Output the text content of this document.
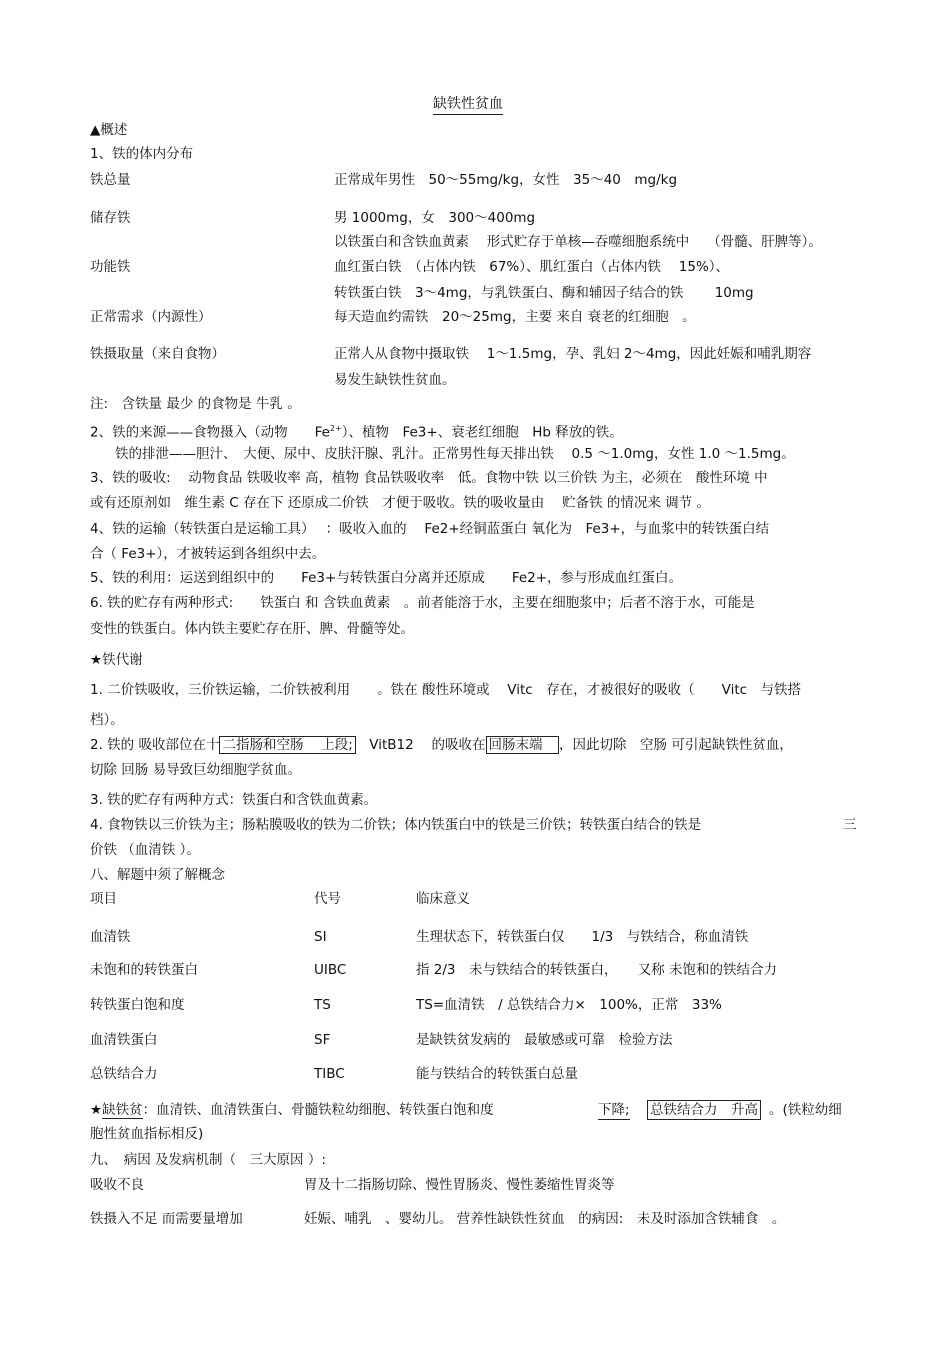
缺铁性贫血
▲概述
1、铁的体内分布
铁总量	正常成年男性　50～55mg/kg，女性　35～40　mg/kg
储存铁	男 1000mg，女　300～400mg
以铁蛋白和含铁血黄素　 形式贮存于单核—吞噬细胞系统中　 （骨髓、肝脾等）。
功能铁	血红蛋白铁　（占体内铁　67%）、肌红蛋白（占体内铁　 15%）、
转铁蛋白铁　3～4mg，与乳铁蛋白、酶和辅因子结合的铁　　 10mg
正常需求（内源性）	每天造血约需铁　20～25mg，主要 来自 衰老的红细胞　。
铁摄取量（来自食物）	正常人从食物中摄取铁　 1～1.5mg，孕、乳妇 2～4mg，因此妊娠和哺乳期容
易发生缺铁性贫血。
注:　含铁量 最少 的食物是 牛乳 。
2、铁的来源——食物摄入（动物　　$Fe^{2+}$）、植物　Fe3+、衰老红细胞　Hb 释放的铁。
铁的排泄——胆汁、　大便、尿中、皮肤汗腺、乳汁。正常男性每天排出铁　 0.5 ～1.0mg，女性 1.0 ～1.5mg。
3、铁的吸收:　 动物食品 铁吸收率 高，植物 食品铁吸收率　低。食物中铁 以三价铁 为主，必须在　酸性环境 中
或有还原剂如　维生素 C 存在下 还原成二价铁　才便于吸收。铁的吸收量由　 贮备铁 的情况来 调节 。
4、铁的运输（转铁蛋白是运输工具）　 ：吸收入血的　 Fe2+经铜蓝蛋白 氧化为　Fe3+，与血浆中的转铁蛋白结
合（ Fe3+），才被转运到各组织中去。
5、铁的利用：运送到组织中的　　Fe3+与转铁蛋白分离并还原成　　Fe2+，参与形成血红蛋白。
6. 铁的贮存有两种形式:　　铁蛋白 和 含铁血黄素　。前者能溶于水，主要在细胞浆中；后者不溶于水，可能是
变性的铁蛋白。体内铁主要贮存在肝、脾、骨髓等处。
★铁代谢
1. 二价铁吸收，三价铁运输，二价铁被利用　　。铁在 酸性环境或　 Vitc　存在，才被很好的吸收（　　Vitc　与铁搭
档）。
2. 铁的 吸收部位在十 二指肠和空肠　 上段;　VitB12　 的吸收在 回肠末端　，因此切除　空肠 可引起缺铁性贫血，
切除 回肠 易导致巨幼细胞学贫血。
3. 铁的贮存有两种方式：铁蛋白和含铁血黄素。
4. 食物铁以三价铁为主；肠粘膜吸收的铁为二价铁；体内铁蛋白中的铁是三价铁；转铁蛋白结合的铁是	三
价铁 （血清铁 ）。
八、解题中须了解概念
项目	代号	临床意义
血清铁	SI	生理状态下，转铁蛋白仅　　1/3　与铁结合，称血清铁
未饱和的转铁蛋白	UIBC	指 2/3　未与铁结合的转铁蛋白，　　又称 未饱和的铁结合力
转铁蛋白饱和度	TS	TS=血清铁　/ 总铁结合力×　100%，正常　33%
血清铁蛋白	SF	是缺铁贫发病的　最敏感或可靠　检验方法
总铁结合力	TIBC	能与铁结合的转铁蛋白总量
★缺铁贫：血清铁、血清铁蛋白、骨髓铁粒幼细胞、转铁蛋白饱和度	下降; 总铁结合力　升高 。(铁粒幼细
胞性贫血指标相反)
九、　病因 及发病机制（　三大原因 ）:
吸收不良	胃及十二指肠切除、慢性胃肠炎、慢性萎缩性胃炎等
铁摄入不足 而需要量增加	妊娠、哺乳　、婴幼儿。 营养性缺铁性贫血　的病因:　未及时添加含铁辅食　。
